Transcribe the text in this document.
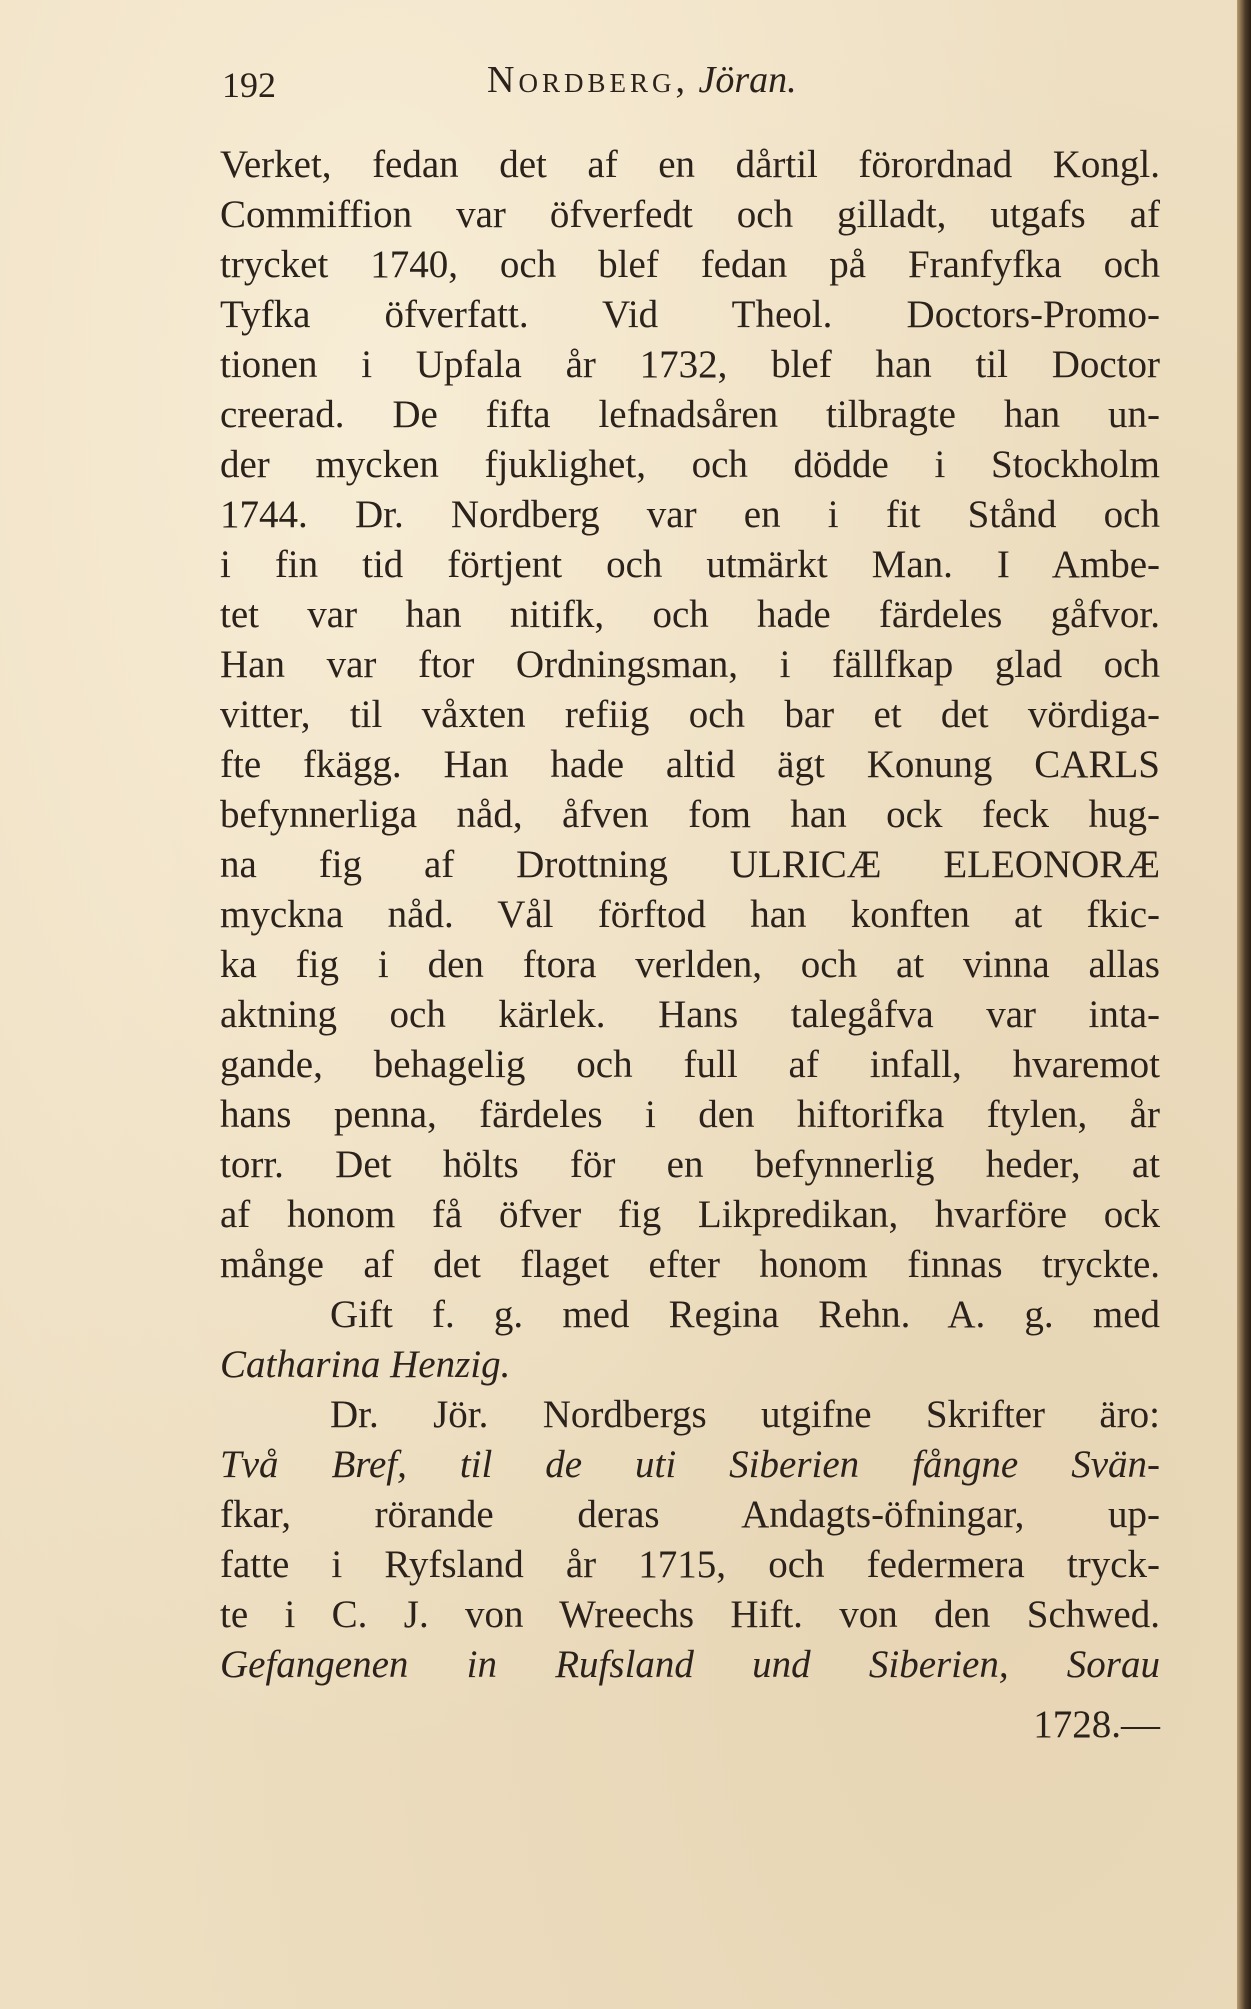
192	Nordberg, Jöran.
Verket, fedan det af en dårtil förordnad Kongl.
Commiffion var öfverfedt och gilladt, utgafs af
trycket 1740, och blef fedan på Franfyfka och
Tyfka öfverfatt. Vid Theol. Doctors-Promo-
tionen i Upfala år 1732, blef han til Doctor
creerad. De fifta lefnadsåren tilbragte han un-
der mycken fjuklighet, och dödde i Stockholm
1744. Dr. Nordberg var en i fit Stånd och
i fin tid förtjent och utmärkt Man. I Ambe-
tet var han nitifk, och hade färdeles gåfvor.
Han var ftor Ordningsman, i fällfkap glad och
vitter, til våxten refiig och bar et det vördiga-
fte fkägg. Han hade altid ägt Konung CARLS
befynnerliga nåd, åfven fom han ock feck hug-
na fig af Drottning ULRICÆ ELEONORÆ
myckna nåd. Vål förftod han konften at fkic-
ka fig i den ftora verlden, och at vinna allas
aktning och kärlek. Hans talegåfva var inta-
gande, behagelig och full af infall, hvaremot
hans penna, färdeles i den hiftorifka ftylen, år
torr. Det hölts för en befynnerlig heder, at
af honom få öfver fig Likpredikan, hvarföre ock
månge af det flaget efter honom finnas tryckte.
Gift f. g. med Regina Rehn. A. g. med
Catharina Henzig.
Dr. Jör. Nordbergs utgifne Skrifter äro:
Två Bref, til de uti Siberien fångne Svän-
fkar, rörande deras Andagts-öfningar, up-
fatte i Ryfsland år 1715, och federmera tryck-
te i C. J. von Wreechs Hift. von den Schwed.
Gefangenen in Rufsland und Siberien, Sorau
1728.—
